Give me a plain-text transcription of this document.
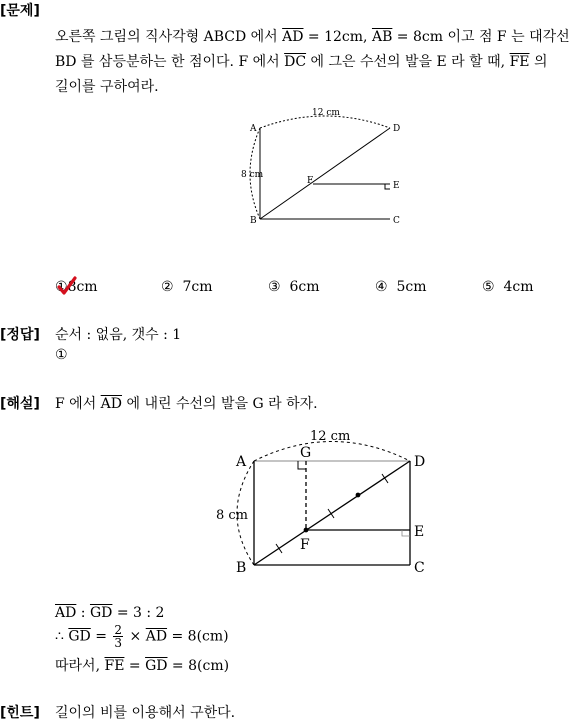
[문제]
오른쪽 그림의 직사각형 ABCD 에서 $\overline{AD} = 12cm$, $\overline{AB} = 8cm$ 이고 점 F 는 대각선
BD 를 삼등분하는 한 점이다. F 에서 $\overline{DC}$ 에 그은 수선의 발을 E 라 할 때, $\overline{FE}$ 의
길이를 구하여라.
A
B	C
D
E
F
12 cm
8 cm
①8cm	② 7cm	③ 6cm	④ 5cm	⑤ 4cm
[정답] 순서 : 없음, 갯수 : 1
①
[해설] F 에서 $\overline{AD}$ 에 내린 수선의 발을 G 라 하자.
A
B	C
D
E
F
G
12 cm
8 cm
$\overline{AD}$ : $\overline{GD} = 3$ : 2
∴ $\overline{GD} = \frac{2}{3} \times \overline{AD} = 8(cm)$
따라서, $\overline{FE} = \overline{GD} = 8(cm)$
[힌트] 길이의 비를 이용해서 구한다.
